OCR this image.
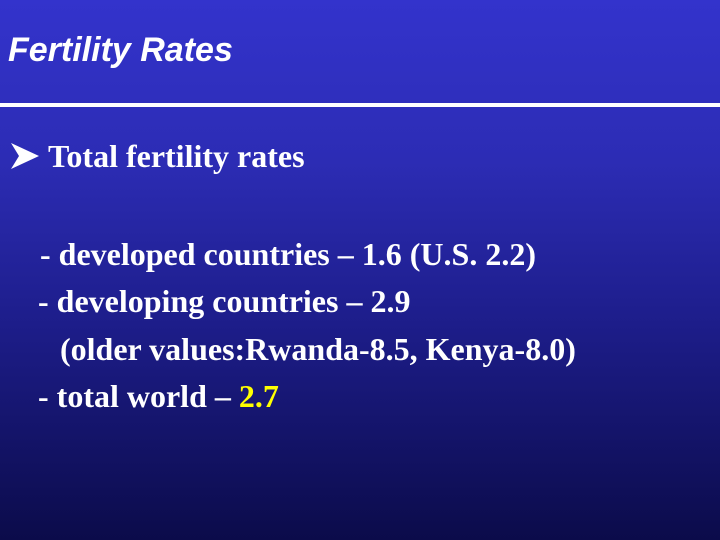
Fertility Rates
Total fertility rates
- developed countries – 1.6 (U.S. 2.2)
- developing countries – 2.9
(older values:Rwanda-8.5, Kenya-8.0)
- total world – 2.7
